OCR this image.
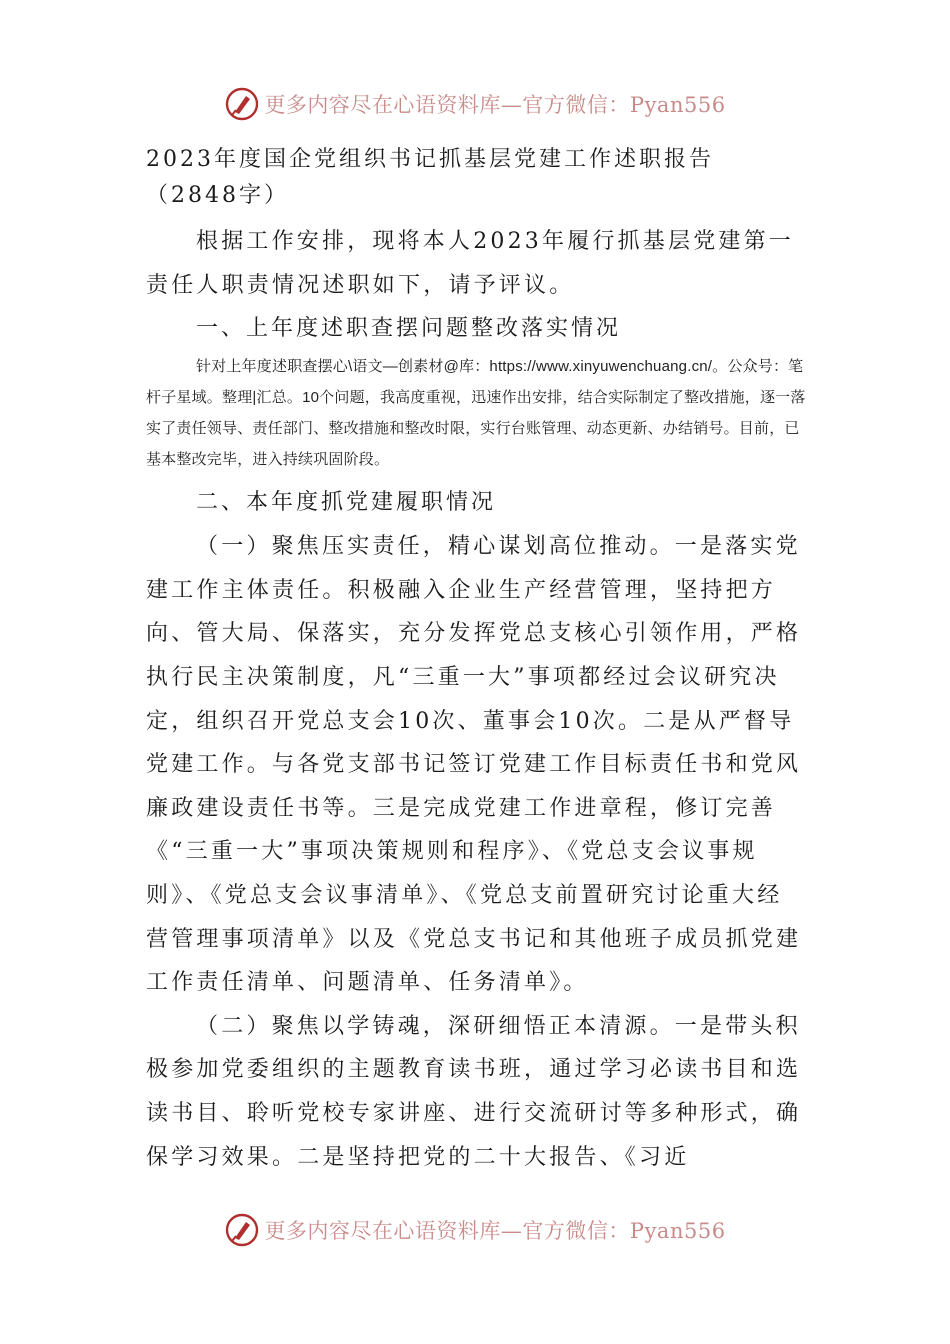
更多内容尽在心语资料库—官方微信：Pyan556

2023年度国企党组织书记抓基层党建工作述职报告（2848字）

根据工作安排，现将本人2023年履行抓基层党建第一责任人职责情况述职如下，请予评议。

一、上年度述职查摆问题整改落实情况

针对上年度述职查摆心\语文—创素材@库：https://www.xinyuwenchuang.cn/。公众号：笔杆子星域。整理|汇总。10个问题，我高度重视，迅速作出安排，结合实际制定了整改措施，逐一落实了责任领导、责任部门、整改措施和整改时限，实行台账管理、动态更新、办结销号。目前，已基本整改完毕，进入持续巩固阶段。

二、本年度抓党建履职情况

（一）聚焦压实责任，精心谋划高位推动。一是落实党建工作主体责任。积极融入企业生产经营管理，坚持把方向、管大局、保落实，充分发挥党总支核心引领作用，严格执行民主决策制度，凡“三重一大”事项都经过会议研究决定，组织召开党总支会10次、董事会10次。二是从严督导党建工作。与各党支部书记签订党建工作目标责任书和党风廉政建设责任书等。三是完成党建工作进章程，修订完善《“三重一大”事项决策规则和程序》、《党总支会议事规则》、《党总支会议事清单》、《党总支前置研究讨论重大经营管理事项清单》以及《党总支书记和其他班子成员抓党建工作责任清单、问题清单、任务清单》。

（二）聚焦以学铸魂，深研细悟正本清源。一是带头积极参加党委组织的主题教育读书班，通过学习必读书目和选读书目、聆听党校专家讲座、进行交流研讨等多种形式，确保学习效果。二是坚持把党的二十大报告、《习近

更多内容尽在心语资料库—官方微信：Pyan556
